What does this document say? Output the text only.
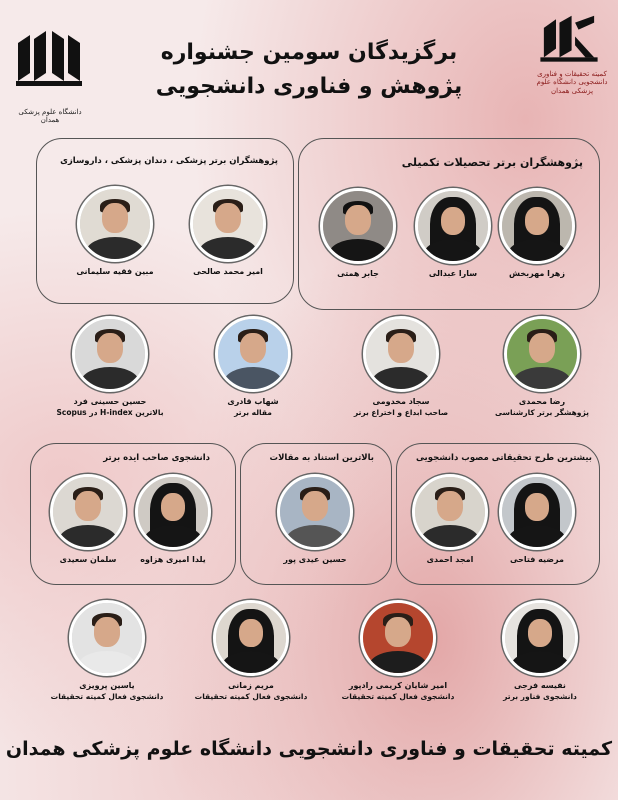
دانشگاه علوم پزشکی همدان
کمیته تحقیقات و فناوری
دانشجویی دانشگاه علوم پزشکی همدان
برگزیدگان سومین جشنواره
پژوهش و فناوری دانشجویی
پژوهشگران برتر تحصیلات تکمیلی
زهرا مهربخش
سارا عبدالی
جابر همتی
پژوهشگران برتر پزشکی ، دندان پزشکی ، داروسازی
امیر محمد صالحی
مبین فقیه سلیمانی
رضا محمدی
پژوهشگر برتر کارشناسی
سجاد مخدومی
صاحب ابداع و اختراع برتر
شهاب قادری
مقاله برتر
حسین حسینی فرد
بالاترین H-index در Scopus
بیشترین طرح تحقیقاتی مصوب دانشجویی
مرضیه فتاحی
امجد احمدی
بالاترین استناد به مقالات
حسین عیدی پور
دانشجوی صاحب ایده برتر
یلدا امیری هزاوه
سلمان سعیدی
نفیسه فرجی
دانشجوی فناور برتر
امیر شایان کریمی رادپور
دانشجوی فعال کمیته تحقیقات
مریم زمانی
دانشجوی فعال کمیته تحقیقات
یاسین پرویزی
دانشجوی فعال کمیته تحقیقات
کمیته تحقیقات و فناوری دانشجویی دانشگاه علوم پزشکی همدان
